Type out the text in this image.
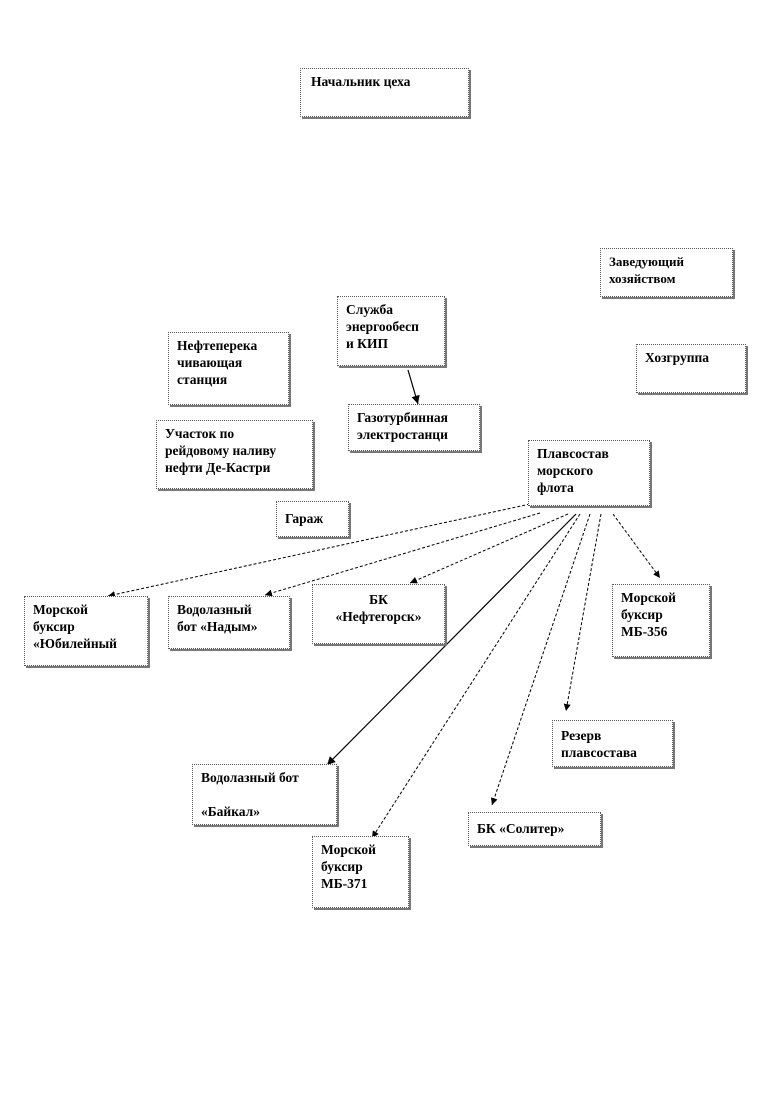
Начальник цеха
Заведующий
хозяйством
Хозгруппа
Служба
энергообесп
и КИП
Газотурбинная
электростанци
Нефтеперека
чивающая
станция
Участок по
рейдовому наливу
нефти Де-Кастри
Гараж
Плавсостав
морского
флота
Морской
буксир
«Юбилейный
Водолазный
бот «Надым»
БК
«Нефтегорск»
Морской
буксир
МБ-356
Резерв
плавсостава
Водолазный бот

«Байкал»
БК «Солитер»
Морской
буксир
МБ-371
